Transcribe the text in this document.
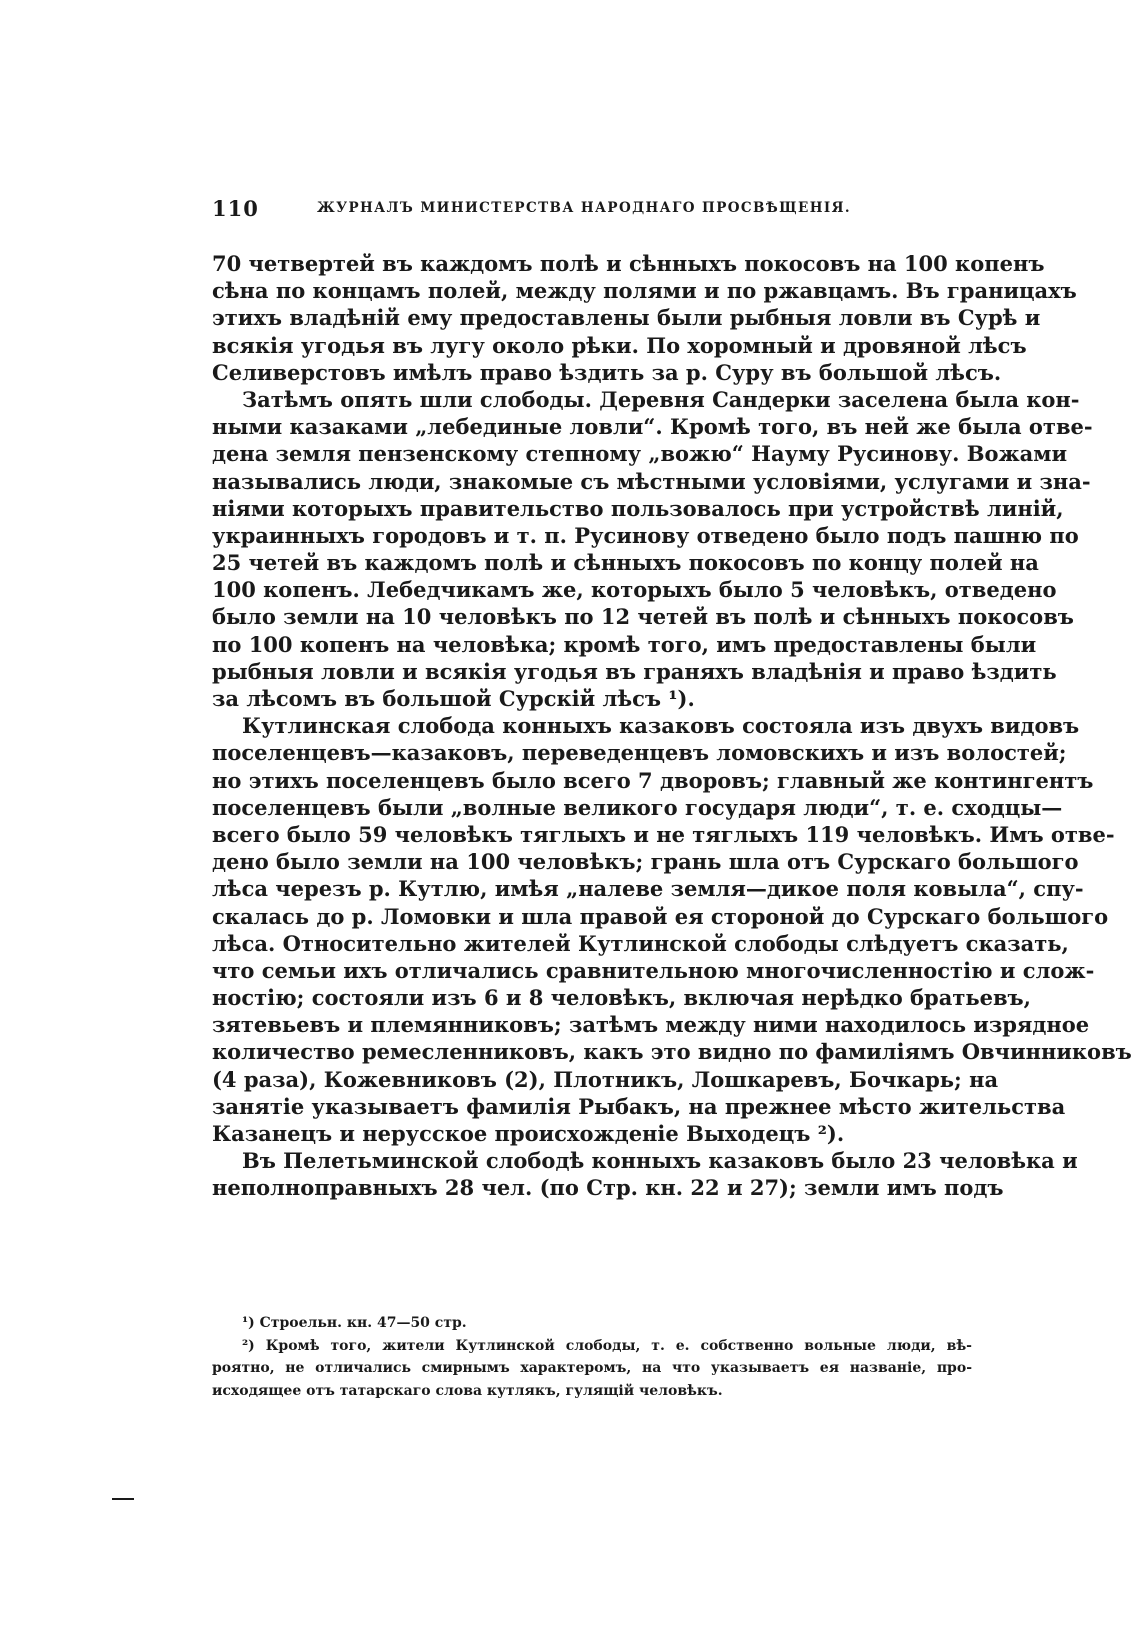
110	ЖУРНАЛЪ МИНИСТЕРСТВА НАРОДНАГО ПРОСВѢЩЕНІЯ.
70 четвертей въ каждомъ полѣ и сѣнныхъ покосовъ на 100 копенъ
сѣна по концамъ полей, между полями и по ржавцамъ. Въ границахъ
этихъ владѣній ему предоставлены были рыбныя ловли въ Сурѣ и
всякія угодья въ лугу около рѣки. По хоромный и дровяной лѣсъ
Селиверстовъ имѣлъ право ѣздить за р. Суру въ большой лѣсъ.
Затѣмъ опять шли слободы. Деревня Сандерки заселена была кон-
ными казаками „лебединые ловли“. Кромѣ того, въ ней же была отве-
дена земля пензенскому степному „вожю“ Науму Русинову. Вожами
назывались люди, знакомые съ мѣстными условіями, услугами и зна-
ніями которыхъ правительство пользовалось при устройствѣ линій,
украинныхъ городовъ и т. п. Русинову отведено было подъ пашню по
25 четей въ каждомъ полѣ и сѣнныхъ покосовъ по концу полей на
100 копенъ. Лебедчикамъ же, которыхъ было 5 человѣкъ, отведено
было земли на 10 человѣкъ по 12 четей въ полѣ и сѣнныхъ покосовъ
по 100 копенъ на человѣка; кромѣ того, имъ предоставлены были
рыбныя ловли и всякія угодья въ граняхъ владѣнія и право ѣздить
за лѣсомъ въ большой Сурскій лѣсъ ¹).
Кутлинская слобода конныхъ казаковъ состояла изъ двухъ видовъ
поселенцевъ—казаковъ, переведенцевъ ломовскихъ и изъ волостей;
но этихъ поселенцевъ было всего 7 дворовъ; главный же контингентъ
поселенцевъ были „волные великого государя люди“, т. е. сходцы—
всего было 59 человѣкъ тяглыхъ и не тяглыхъ 119 человѣкъ. Имъ отве-
дено было земли на 100 человѣкъ; грань шла отъ Сурскаго большого
лѣса черезъ р. Кутлю, имѣя „налеве земля—дикое поля ковыла“, спу-
скалась до р. Ломовки и шла правой ея стороной до Сурскаго большого
лѣса. Относительно жителей Кутлинской слободы слѣдуетъ сказать,
что семьи ихъ отличались сравнительною многочисленностію и слож-
ностію; состояли изъ 6 и 8 человѣкъ, включая нерѣдко братьевъ,
зятевьевъ и племянниковъ; затѣмъ между ними находилось изрядное
количество ремесленниковъ, какъ это видно по фамиліямъ Овчинниковъ
(4 раза), Кожевниковъ (2), Плотникъ, Лошкаревъ, Бочкарь; на
занятіе указываетъ фамилія Рыбакъ, на прежнее мѣсто жительства
Казанецъ и нерусское происхожденіе Выходецъ ²).
Въ Пелетьминской слободѣ конныхъ казаковъ было 23 человѣка и
неполноправныхъ 28 чел. (по Стр. кн. 22 и 27); земли имъ подъ
¹) Строельн. кн. 47—50 стр.
²) Кромѣ того, жители Кутлинской слободы, т. е. собственно вольные люди, вѣ-
роятно, не отличались смирнымъ характеромъ, на что указываетъ ея названіе, про-
исходящее отъ татарскаго слова кутлякъ, гулящій человѣкъ.
